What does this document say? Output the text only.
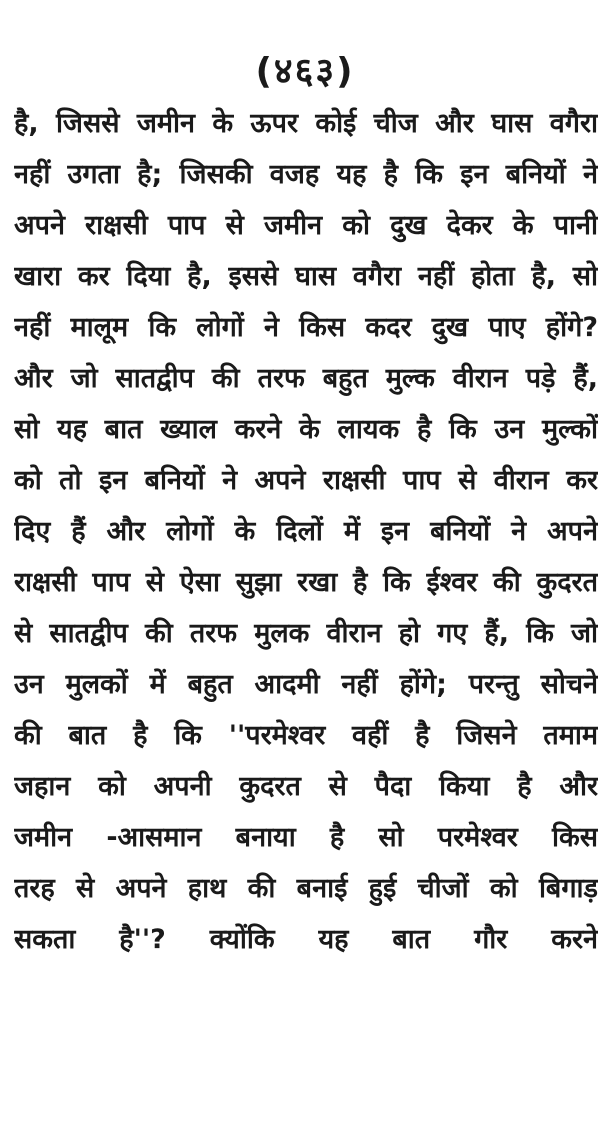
(४६३)
है, जिससे जमीन के ऊपर कोई चीज और घास वगैरा
नहीं उगता है; जिसकी वजह यह है कि इन बनियों ने
अपने राक्षसी पाप से जमीन को दुख देकर के पानी
खारा कर दिया है, इससे घास वगैरा नहीं होता है, सो
नहीं मालूम कि लोगों ने किस कदर दुख पाए होंगे?
और जो सातद्वीप की तरफ बहुत मुल्क वीरान पड़े हैं,
सो यह बात ख्याल करने के लायक है कि उन मुल्कों
को तो इन बनियों ने अपने राक्षसी पाप से वीरान कर
दिए हैं और लोगों के दिलों में इन बनियों ने अपने
राक्षसी पाप से ऐसा सुझा रखा है कि ईश्वर की कुदरत
से सातद्वीप की तरफ मुलक वीरान हो गए हैं, कि जो
उन मुलकों में बहुत आदमी नहीं होंगे; परन्तु सोचने
की बात है कि ''परमेश्वर वहीं है जिसने तमाम
जहान को अपनी कुदरत से पैदा किया है और
जमीन -आसमान बनाया है सो परमेश्वर किस
तरह से अपने हाथ की बनाई हुई चीजों को बिगाड़
सकता है''? क्योंकि यह बात गौर करने
